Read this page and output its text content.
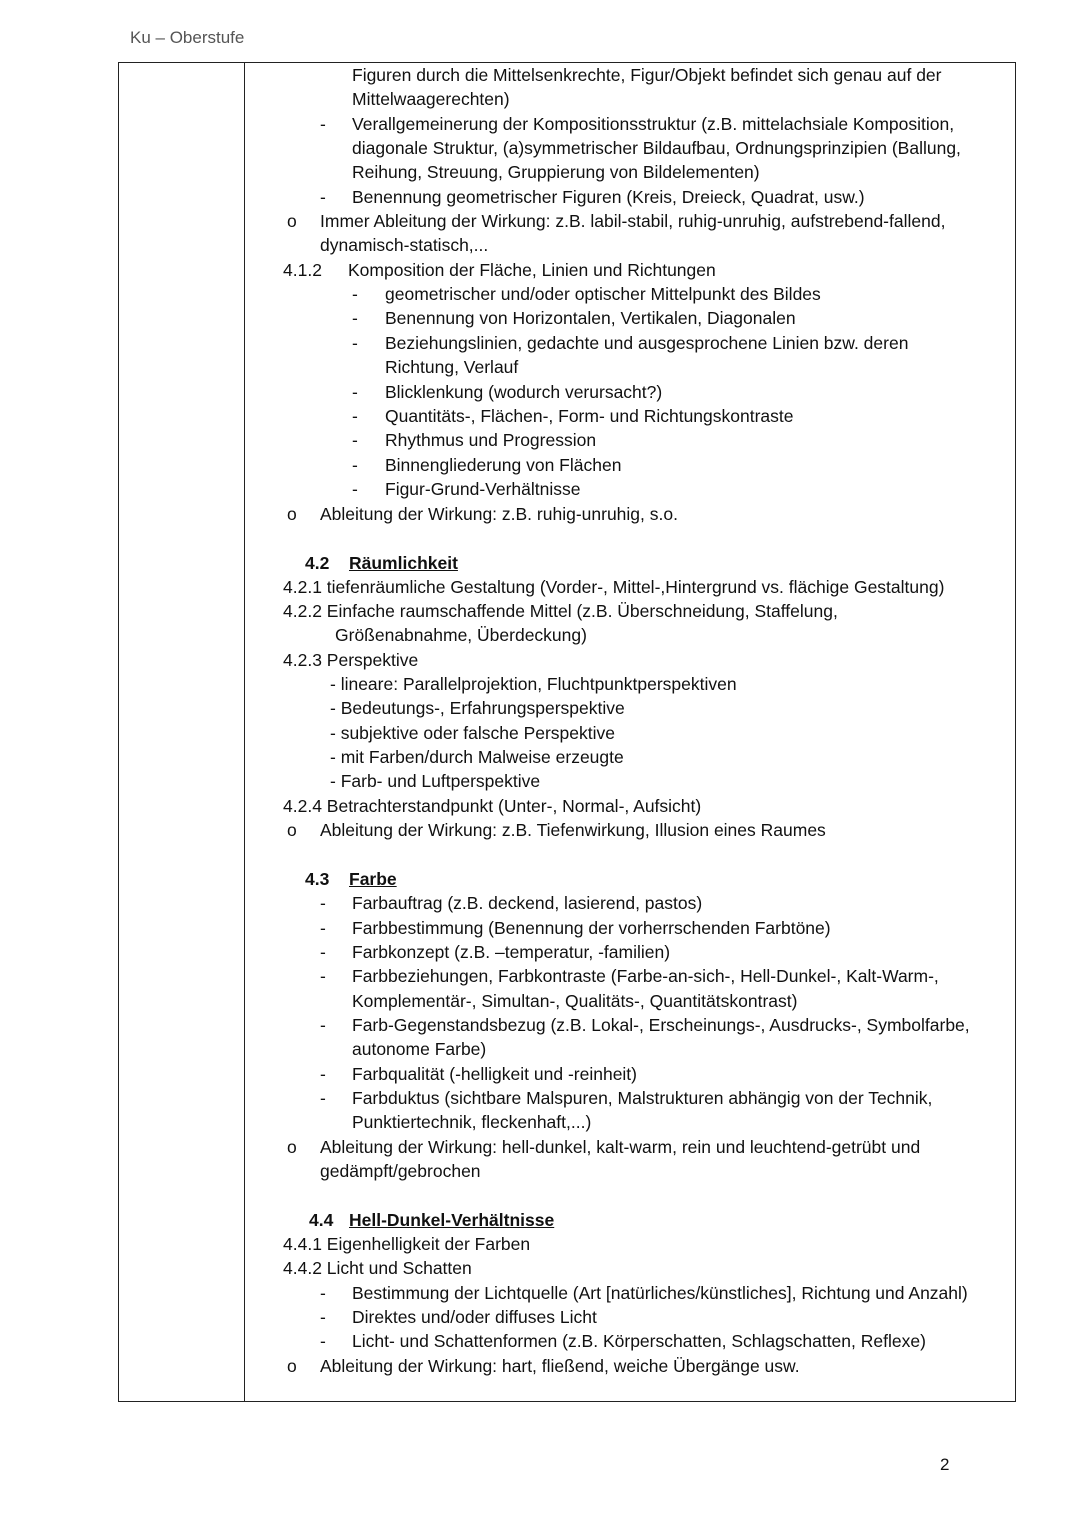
Ku – Oberstufe
Figuren durch die Mittelsenkrechte, Figur/Objekt befindet sich genau auf der
Mittelwaagerechten)
- Verallgemeinerung der Kompositionsstruktur (z.B. mittelachsiale Komposition,
diagonale Struktur, (a)symmetrischer Bildaufbau, Ordnungsprinzipien (Ballung,
Reihung, Streuung, Gruppierung von Bildelementen)
- Benennung geometrischer Figuren (Kreis, Dreieck, Quadrat, usw.)
o Immer Ableitung der Wirkung: z.B. labil-stabil, ruhig-unruhig, aufstrebend-fallend,
dynamisch-statisch,...
4.1.2 Komposition der Fläche, Linien und Richtungen
- geometrischer und/oder optischer Mittelpunkt des Bildes
- Benennung von Horizontalen, Vertikalen, Diagonalen
- Beziehungslinien, gedachte und ausgesprochene Linien bzw. deren
Richtung, Verlauf
- Blicklenkung (wodurch verursacht?)
- Quantitäts-, Flächen-, Form- und Richtungskontraste
- Rhythmus und Progression
- Binnengliederung von Flächen
- Figur-Grund-Verhältnisse
o Ableitung der Wirkung: z.B. ruhig-unruhig, s.o.
4.2 Räumlichkeit
4.2.1 tiefenräumliche Gestaltung (Vorder-, Mittel-,Hintergrund vs. flächige Gestaltung)
4.2.2 Einfache raumschaffende Mittel (z.B. Überschneidung, Staffelung,
Größenabnahme, Überdeckung)
4.2.3 Perspektive
- lineare: Parallelprojektion, Fluchtpunktperspektiven
- Bedeutungs-, Erfahrungsperspektive
- subjektive oder falsche Perspektive
- mit Farben/durch Malweise erzeugte
- Farb- und Luftperspektive
4.2.4 Betrachterstandpunkt (Unter-, Normal-, Aufsicht)
o Ableitung der Wirkung: z.B. Tiefenwirkung, Illusion eines Raumes
4.3 Farbe
- Farbauftrag (z.B. deckend, lasierend, pastos)
- Farbbestimmung (Benennung der vorherrschenden Farbtöne)
- Farbkonzept (z.B. –temperatur, -familien)
- Farbbeziehungen, Farbkontraste (Farbe-an-sich-, Hell-Dunkel-, Kalt-Warm-,
Komplementär-, Simultan-, Qualitäts-, Quantitätskontrast)
- Farb-Gegenstandsbezug (z.B. Lokal-, Erscheinungs-, Ausdrucks-, Symbolfarbe,
autonome Farbe)
- Farbqualität (-helligkeit und -reinheit)
- Farbduktus (sichtbare Malspuren, Malstrukturen abhängig von der Technik,
Punktiertechnik, fleckenhaft,...)
o Ableitung der Wirkung: hell-dunkel, kalt-warm, rein und leuchtend-getrübt und
gedämpft/gebrochen
4.4 Hell-Dunkel-Verhältnisse
4.4.1 Eigenhelligkeit der Farben
4.4.2 Licht und Schatten
- Bestimmung der Lichtquelle (Art [natürliches/künstliches], Richtung und Anzahl)
- Direktes und/oder diffuses Licht
- Licht- und Schattenformen (z.B. Körperschatten, Schlagschatten, Reflexe)
o Ableitung der Wirkung: hart, fließend, weiche Übergänge usw.
2
